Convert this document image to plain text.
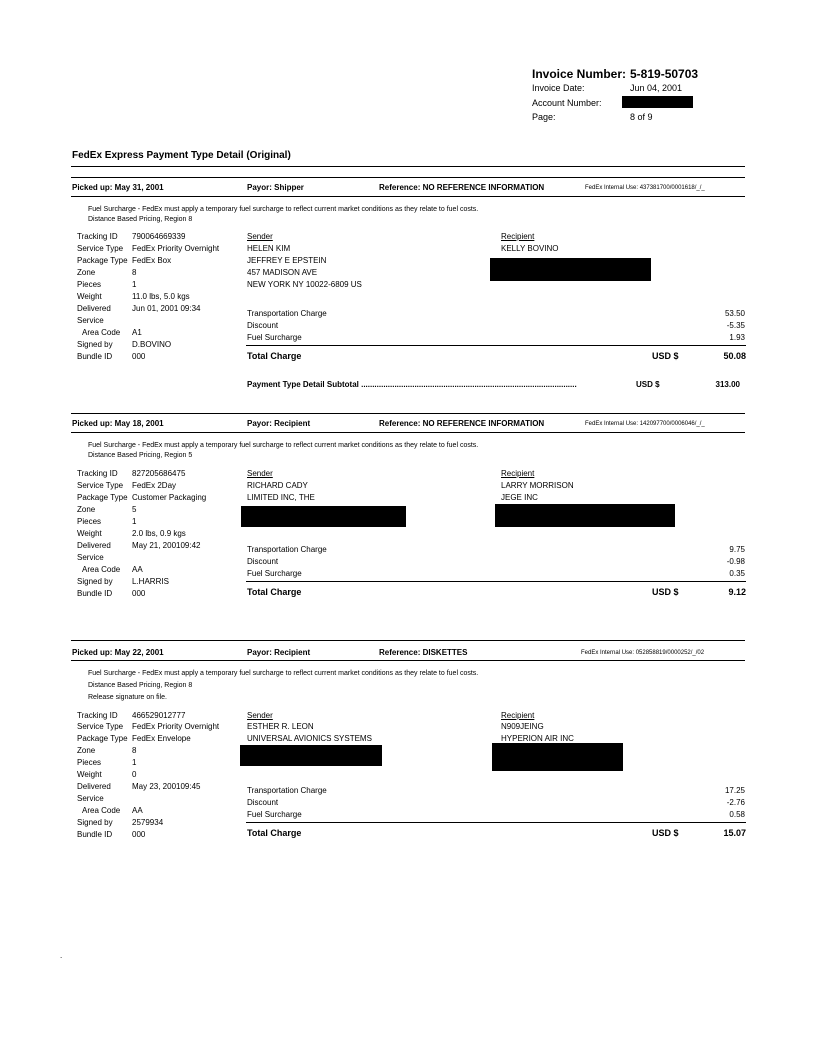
Invoice Number: 5-819-50703
Invoice Date:	Jun 04, 2001
Account Number:
Page:	8 of 9
FedEx Express Payment Type Detail (Original)
Picked up: May 31, 2001	Payor: Shipper	Reference: NO REFERENCE INFORMATION	FedEx Internal Use: 437381700/0001618/_/_
Fuel Surcharge - FedEx must apply a temporary fuel surcharge to reflect current market conditions as they relate to fuel costs.
Distance Based Pricing, Region 8
Tracking ID 790064669339
Service Type FedEx Priority Overnight
Package Type FedEx Box
Zone	8
Pieces	1
Weight	11.0 lbs, 5.0 kgs
Delivered	Jun 01, 2001 09:34
Service
Area Code A1
Signed by D.BOVINO
Bundle ID 000
Sender
HELEN KIM
JEFFREY E EPSTEIN
457 MADISON AVE
NEW YORK NY 10022-6809 US
Recipient
KELLY BOVINO
Transportation Charge	53.50
Discount	-5.35
Fuel Surcharge	1.93
Total Charge	USD $	50.08
Payment Type Detail Subtotal .................................................................................................	USD $	313.00
Picked up: May 18, 2001	Payor: Recipient	Reference: NO REFERENCE INFORMATION	FedEx Internal Use: 142097700/0006046/_/_
Fuel Surcharge - FedEx must apply a temporary fuel surcharge to reflect current market conditions as they relate to fuel costs.
Distance Based Pricing, Region 5
Tracking ID 827205686475
Service Type FedEx 2Day
Package Type Customer Packaging
Zone	5
Pieces	1
Weight	2.0 lbs, 0.9 kgs
Delivered	May 21, 200109:42
Service
Area Code AA
Signed by L.HARRIS
Bundle ID 000
Sender
RICHARD CADY
LIMITED INC, THE
Recipient
LARRY MORRISON
JEGE INC
Transportation Charge	9.75
Discount	-0.98
Fuel Surcharge	0.35
Total Charge	USD $	9.12
Picked up: May 22, 2001	Payor: Recipient	Reference: DISKETTES	FedEx Internal Use: 052858819/0000252/_/02
Fuel Surcharge - FedEx must apply a temporary fuel surcharge to reflect current market conditions as they relate to fuel costs.
Distance Based Pricing, Region 8
Release signature on file.
Tracking ID 466529012777
Service Type FedEx Priority Overnight
Package Type FedEx Envelope
Zone	8
Pieces	1
Weight	0
Delivered	May 23, 200109:45
Service
Area Code AA
Signed by 2579934
Bundle ID 000
Sender
ESTHER R. LEON
UNIVERSAL AVIONICS SYSTEMS
Recipient
N909JEING
HYPERION AIR INC
Transportation Charge	17.25
Discount	-2.76
Fuel Surcharge	0.58
Total Charge	USD $	15.07
.
